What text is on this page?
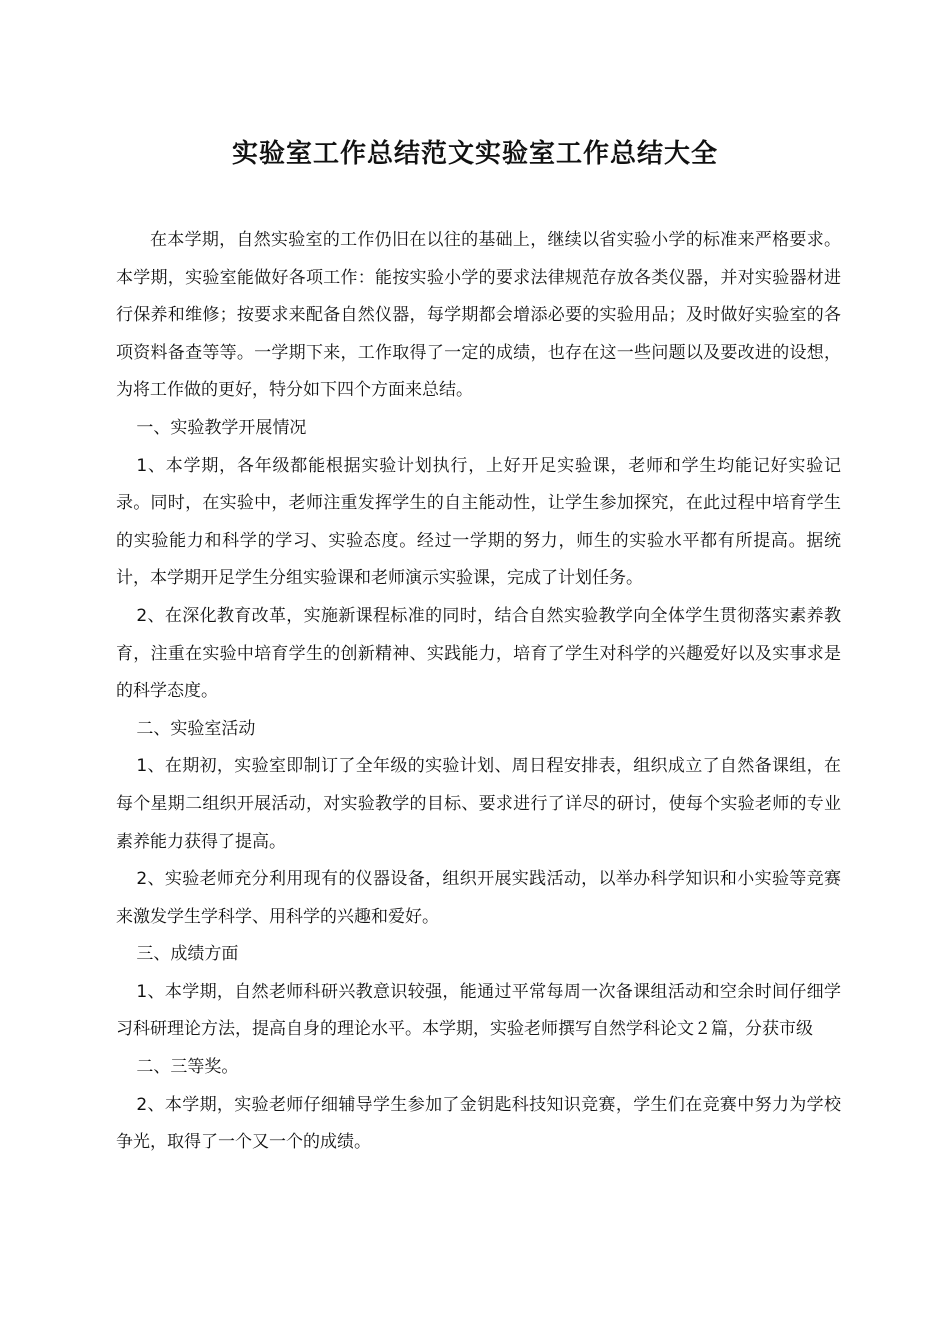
实验室工作总结范文实验室工作总结大全

在本学期，自然实验室的工作仍旧在以往的基础上，继续以省实验小学的标准来严格要求。本学期，实验室能做好各项工作：能按实验小学的要求法律规范存放各类仪器，并对实验器材进行保养和维修；按要求来配备自然仪器，每学期都会增添必要的实验用品；及时做好实验室的各项资料备查等等。一学期下来，工作取得了一定的成绩，也存在这一些问题以及要改进的设想，为将工作做的更好，特分如下四个方面来总结。

一、实验教学开展情况

1、本学期，各年级都能根据实验计划执行，上好开足实验课，老师和学生均能记好实验记录。同时，在实验中，老师注重发挥学生的自主能动性，让学生参加探究，在此过程中培育学生的实验能力和科学的学习、实验态度。经过一学期的努力，师生的实验水平都有所提高。据统计，本学期开足学生分组实验课和老师演示实验课，完成了计划任务。

2、在深化教育改革，实施新课程标准的同时，结合自然实验教学向全体学生贯彻落实素养教育，注重在实验中培育学生的创新精神、实践能力，培育了学生对科学的兴趣爱好以及实事求是的科学态度。

二、实验室活动

1、在期初，实验室即制订了全年级的实验计划、周日程安排表，组织成立了自然备课组，在每个星期二组织开展活动，对实验教学的目标、要求进行了详尽的研讨，使每个实验老师的专业素养能力获得了提高。

2、实验老师充分利用现有的仪器设备，组织开展实践活动，以举办科学知识和小实验等竞赛来激发学生学科学、用科学的兴趣和爱好。

三、成绩方面

1、本学期，自然老师科研兴教意识较强，能通过平常每周一次备课组活动和空余时间仔细学习科研理论方法，提高自身的理论水平。本学期，实验老师撰写自然学科论文２篇，分获市级

二、三等奖。

2、本学期，实验老师仔细辅导学生参加了金钥匙科技知识竞赛，学生们在竞赛中努力为学校争光，取得了一个又一个的成绩。
